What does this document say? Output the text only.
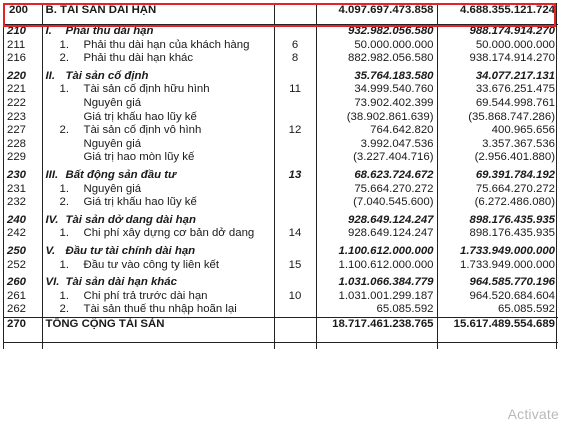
200	B. TÀI SẢN DÀI HẠN		4.097.697.473.858	4.688.355.121.724
210	I. Phải thu dài hạn		932.982.056.580	988.174.914.270
211	1. Phải thu dài hạn của khách hàng	6	50.000.000.000	50.000.000.000
216	2. Phải thu dài hạn khác	8	882.982.056.580	938.174.914.270
220	II. Tài sản cố định		35.764.183.580	34.077.217.131
221	1. Tài sản cố định hữu hình	11	34.999.540.760	33.676.251.475
222	Nguyên giá		73.902.402.399	69.544.998.761
223	Giá trị khấu hao lũy kế		(38.902.861.639)	(35.868.747.286)
227	2. Tài sản cố định vô hình	12	764.642.820	400.965.656
228	Nguyên giá		3.992.047.536	3.357.367.536
229	Giá trị hao mòn lũy kế		(3.227.404.716)	(2.956.401.880)
230	III. Bất động sản đầu tư	13	68.623.724.672	69.391.784.192
231	1. Nguyên giá		75.664.270.272	75.664.270.272
232	2. Giá trị khấu hao lũy kế		(7.040.545.600)	(6.272.486.080)
240	IV. Tài sản dở dang dài hạn		928.649.124.247	898.176.435.935
242	1. Chi phí xây dựng cơ bản dở dang	14	928.649.124.247	898.176.435.935
250	V. Đầu tư tài chính dài hạn		1.100.612.000.000	1.733.949.000.000
252	1. Đầu tư vào công ty liên kết	15	1.100.612.000.000	1.733.949.000.000
260	VI. Tài sản dài hạn khác		1.031.066.384.779	964.585.770.196
261	1. Chi phí trả trước dài hạn	10	1.031.001.299.187	964.520.684.604
262	2. Tài sản thuế thu nhập hoãn lại		65.085.592	65.085.592
270	TỔNG CỘNG TÀI SẢN		18.717.461.238.765	15.617.489.554.689

Activate
